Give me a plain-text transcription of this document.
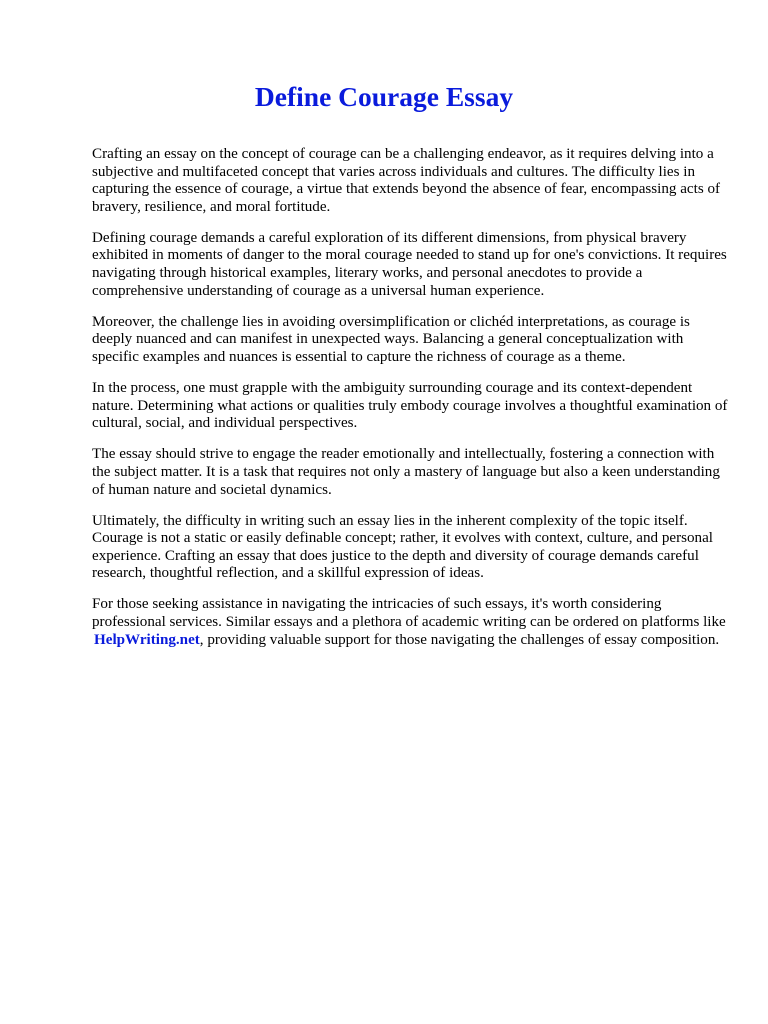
Define Courage Essay

Crafting an essay on the concept of courage can be a challenging endeavor, as it requires delving into a subjective and multifaceted concept that varies across individuals and cultures. The difficulty lies in capturing the essence of courage, a virtue that extends beyond the absence of fear, encompassing acts of bravery, resilience, and moral fortitude.

Defining courage demands a careful exploration of its different dimensions, from physical bravery exhibited in moments of danger to the moral courage needed to stand up for one's convictions. It requires navigating through historical examples, literary works, and personal anecdotes to provide a comprehensive understanding of courage as a universal human experience.

Moreover, the challenge lies in avoiding oversimplification or clichéd interpretations, as courage is deeply nuanced and can manifest in unexpected ways. Balancing a general conceptualization with specific examples and nuances is essential to capture the richness of courage as a theme.

In the process, one must grapple with the ambiguity surrounding courage and its context-dependent nature. Determining what actions or qualities truly embody courage involves a thoughtful examination of cultural, social, and individual perspectives.

The essay should strive to engage the reader emotionally and intellectually, fostering a connection with the subject matter. It is a task that requires not only a mastery of language but also a keen understanding of human nature and societal dynamics.

Ultimately, the difficulty in writing such an essay lies in the inherent complexity of the topic itself. Courage is not a static or easily definable concept; rather, it evolves with context, culture, and personal experience. Crafting an essay that does justice to the depth and diversity of courage demands careful research, thoughtful reflection, and a skillful expression of ideas.

For those seeking assistance in navigating the intricacies of such essays, it's worth considering professional services. Similar essays and a plethora of academic writing can be ordered on platforms like HelpWriting.net, providing valuable support for those navigating the challenges of essay composition.
